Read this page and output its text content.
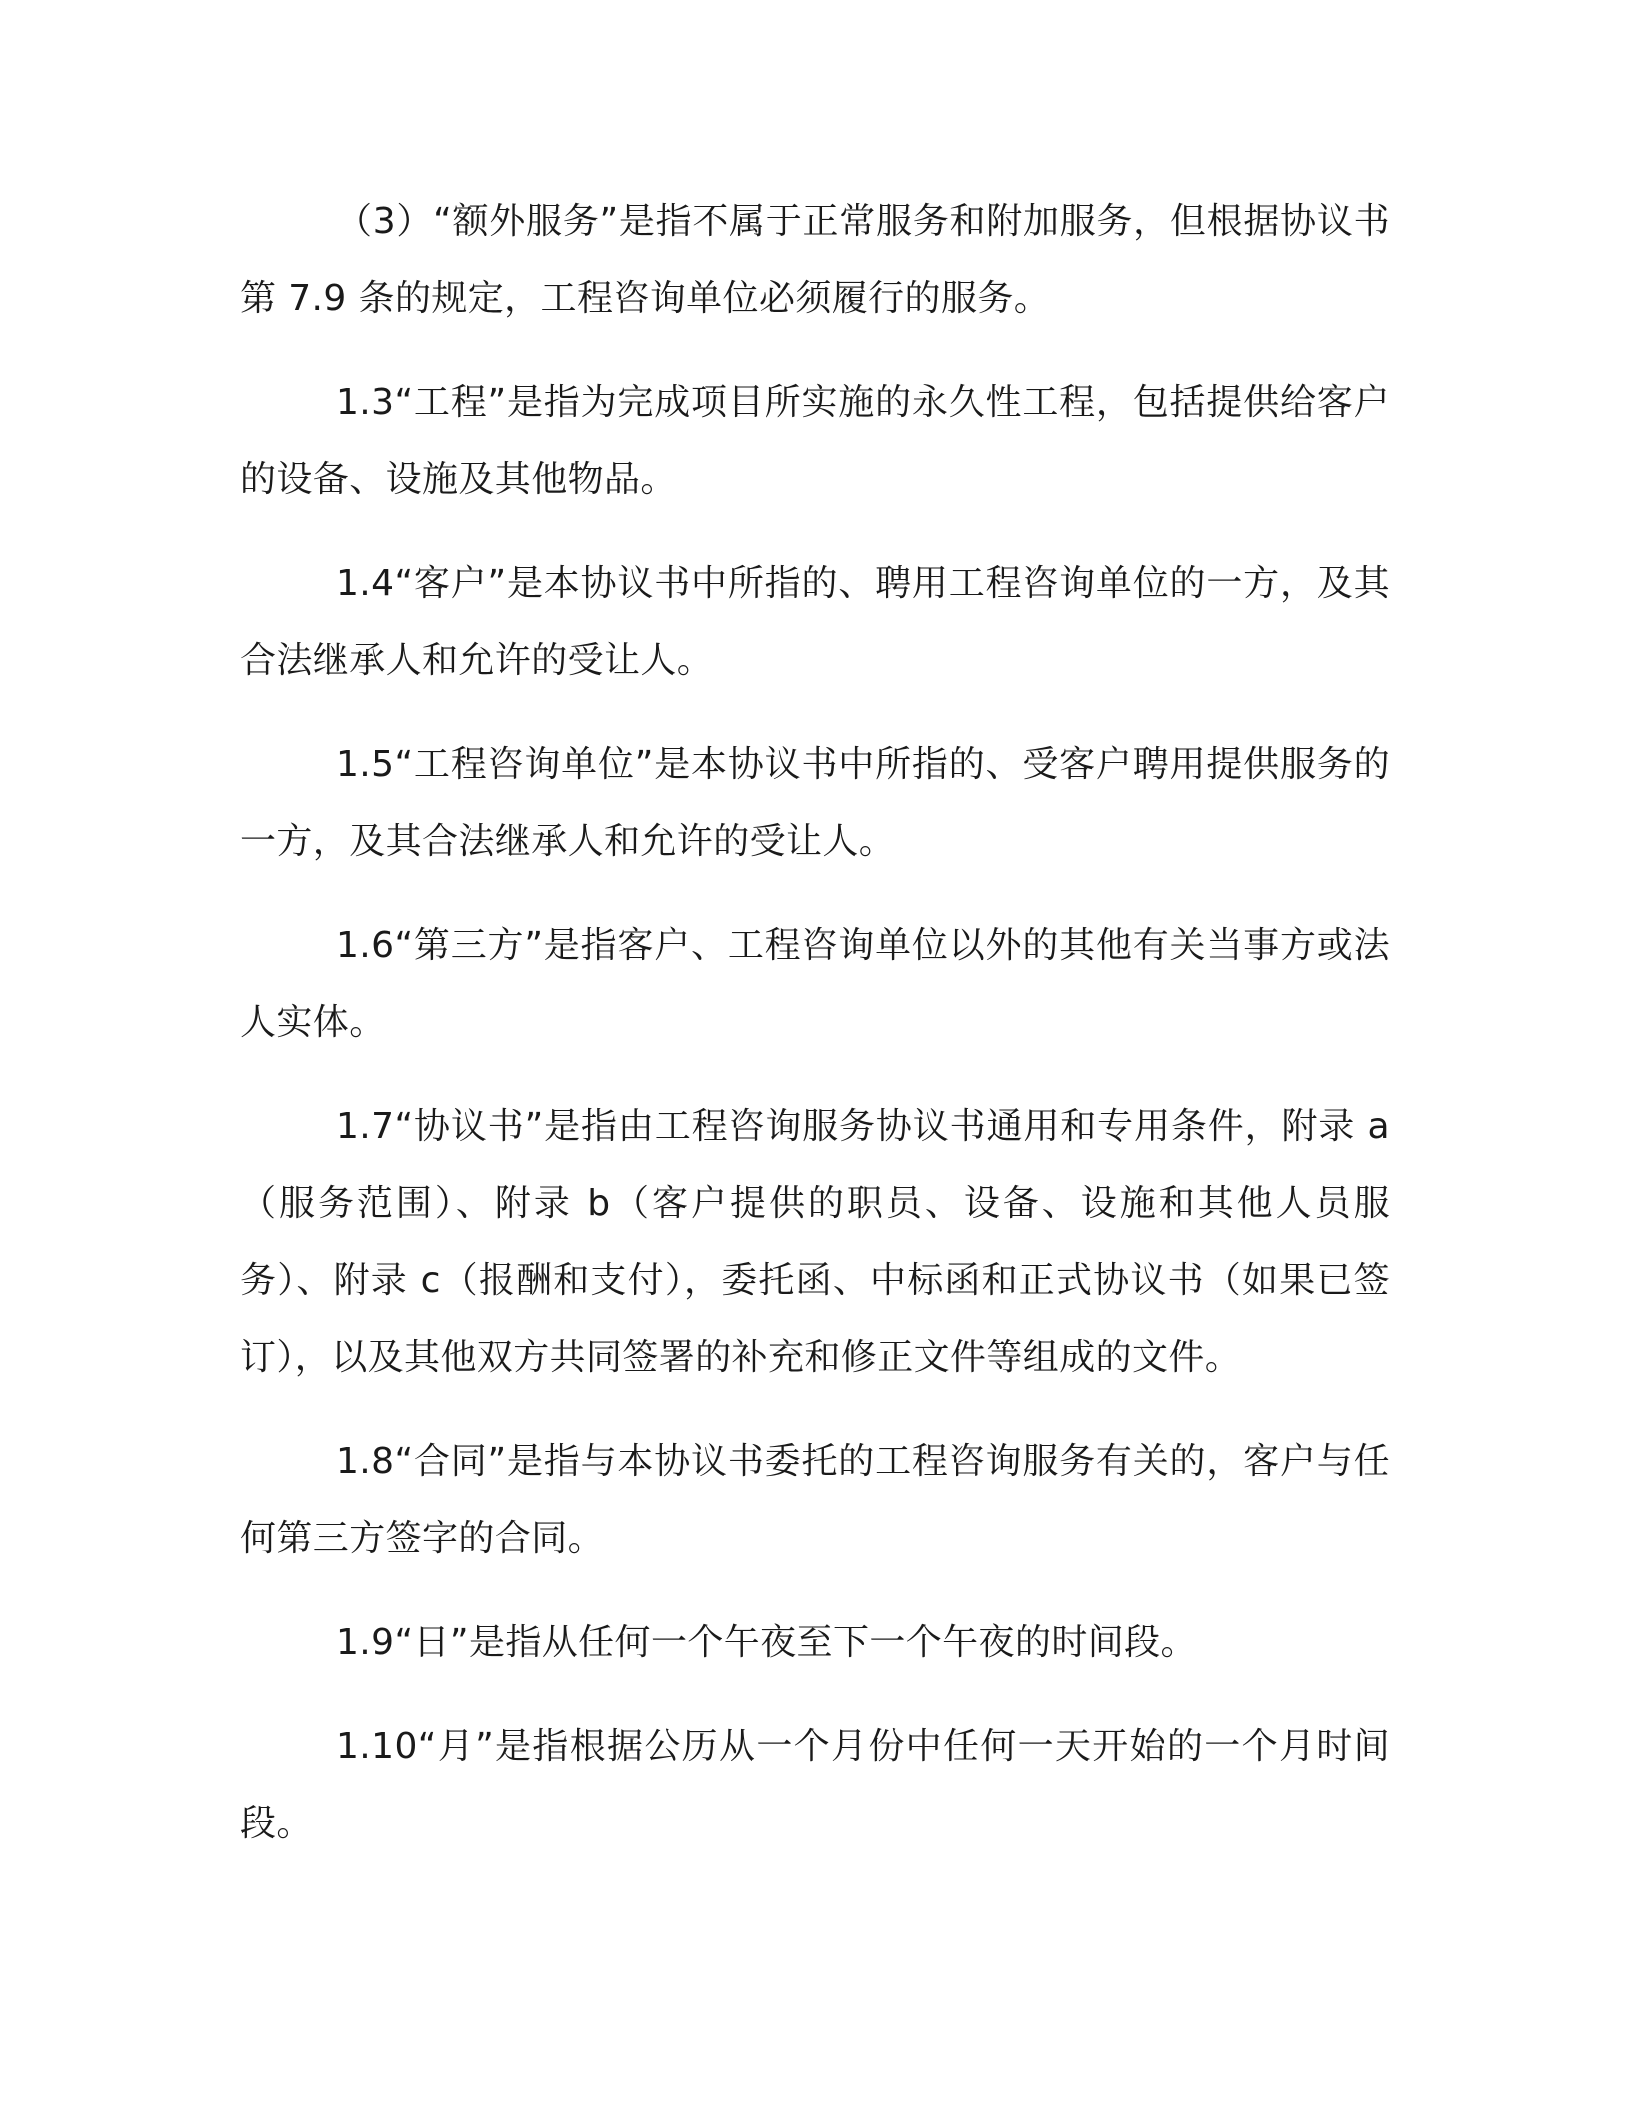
（3）“额外服务”是指不属于正常服务和附加服务，但根据协议书第 7.9 条的规定，工程咨询单位必须履行的服务。

1.3“工程”是指为完成项目所实施的永久性工程，包括提供给客户的设备、设施及其他物品。

1.4“客户”是本协议书中所指的、聘用工程咨询单位的一方，及其合法继承人和允许的受让人。

1.5“工程咨询单位”是本协议书中所指的、受客户聘用提供服务的一方，及其合法继承人和允许的受让人。

1.6“第三方”是指客户、工程咨询单位以外的其他有关当事方或法人实体。

1.7“协议书”是指由工程咨询服务协议书通用和专用条件，附录 a（服务范围）、附录 b（客户提供的职员、设备、设施和其他人员服务）、附录 c（报酬和支付），委托函、中标函和正式协议书（如果已签订），以及其他双方共同签署的补充和修正文件等组成的文件。

1.8“合同”是指与本协议书委托的工程咨询服务有关的，客户与任何第三方签字的合同。

1.9“日”是指从任何一个午夜至下一个午夜的时间段。

1.10“月”是指根据公历从一个月份中任何一天开始的一个月时间段。
